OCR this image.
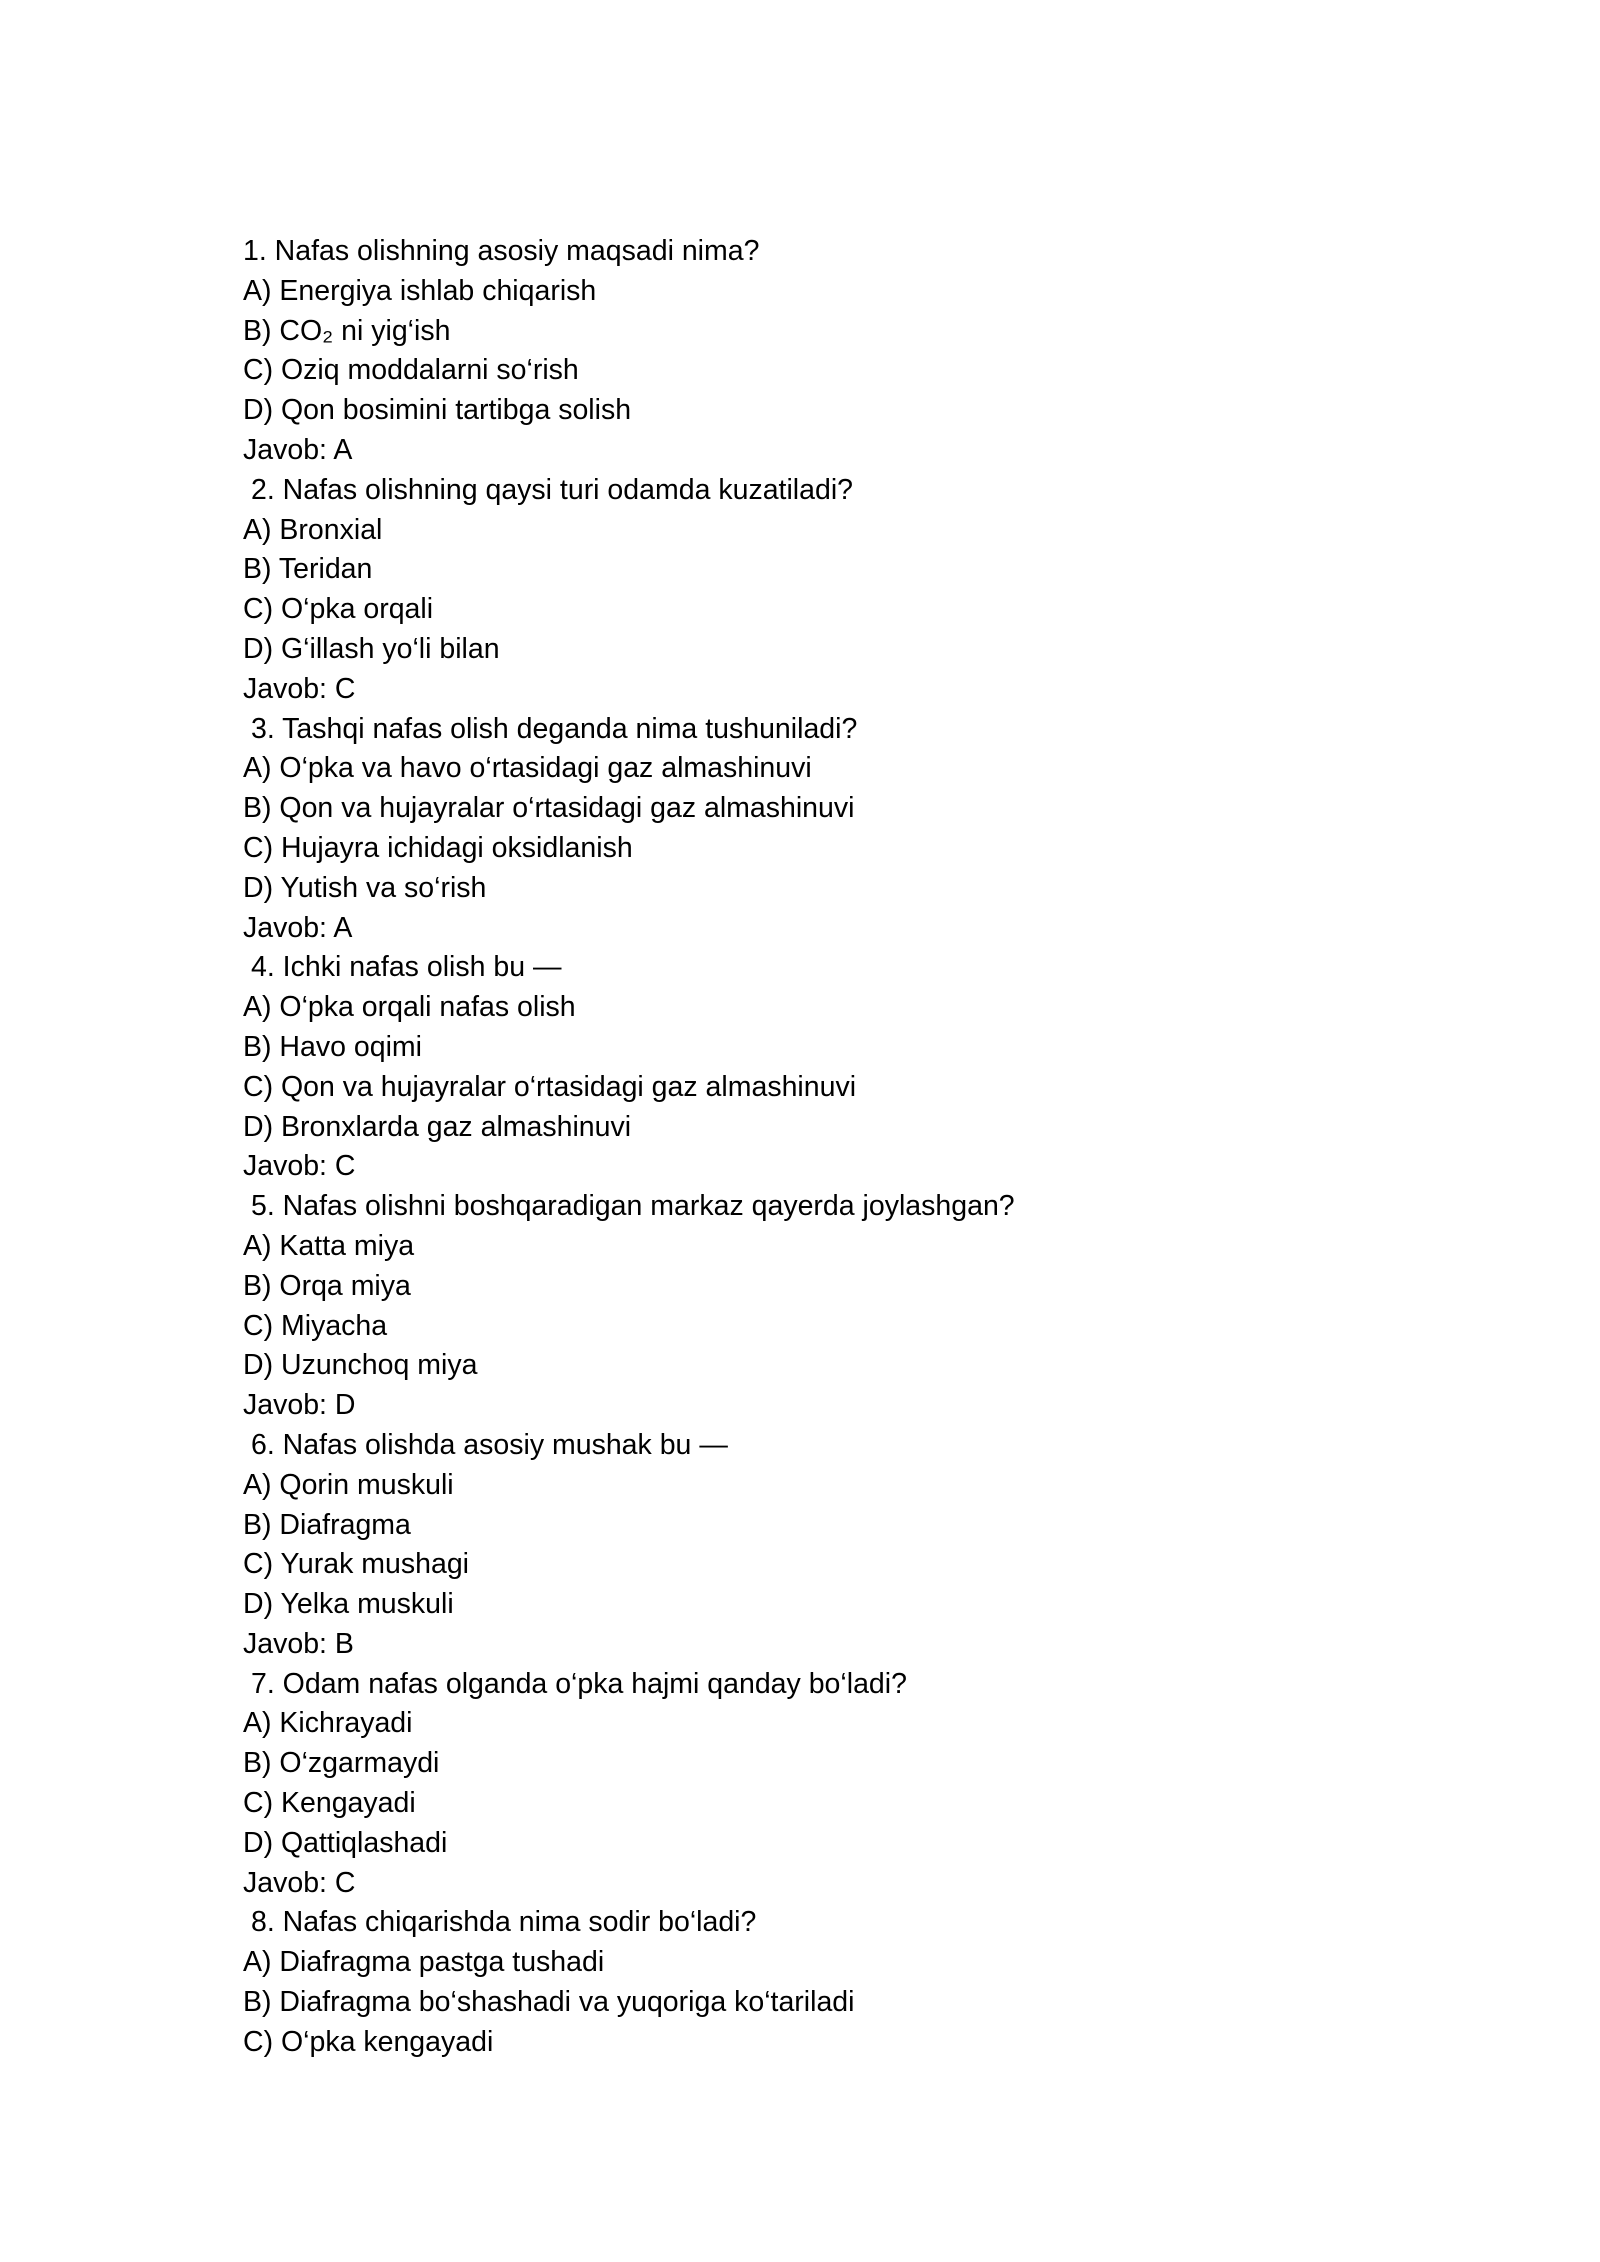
1. Nafas olishning asosiy maqsadi nima?
A) Energiya ishlab chiqarish
B) CO₂ ni yig‘ish
C) Oziq moddalarni so‘rish
D) Qon bosimini tartibga solish
Javob: A
2. Nafas olishning qaysi turi odamda kuzatiladi?
A) Bronxial
B) Teridan
C) O‘pka orqali
D) G‘illash yo‘li bilan
Javob: C
3. Tashqi nafas olish deganda nima tushuniladi?
A) O‘pka va havo o‘rtasidagi gaz almashinuvi
B) Qon va hujayralar o‘rtasidagi gaz almashinuvi
C) Hujayra ichidagi oksidlanish
D) Yutish va so‘rish
Javob: A
4. Ichki nafas olish bu —
A) O‘pka orqali nafas olish
B) Havo oqimi
C) Qon va hujayralar o‘rtasidagi gaz almashinuvi
D) Bronxlarda gaz almashinuvi
Javob: C
5. Nafas olishni boshqaradigan markaz qayerda joylashgan?
A) Katta miya
B) Orqa miya
C) Miyacha
D) Uzunchoq miya
Javob: D
6. Nafas olishda asosiy mushak bu —
A) Qorin muskuli
B) Diafragma
C) Yurak mushagi
D) Yelka muskuli
Javob: B
7. Odam nafas olganda o‘pka hajmi qanday bo‘ladi?
A) Kichrayadi
B) O‘zgarmaydi
C) Kengayadi
D) Qattiqlashadi
Javob: C
8. Nafas chiqarishda nima sodir bo‘ladi?
A) Diafragma pastga tushadi
B) Diafragma bo‘shashadi va yuqoriga ko‘tariladi
C) O‘pka kengayadi
